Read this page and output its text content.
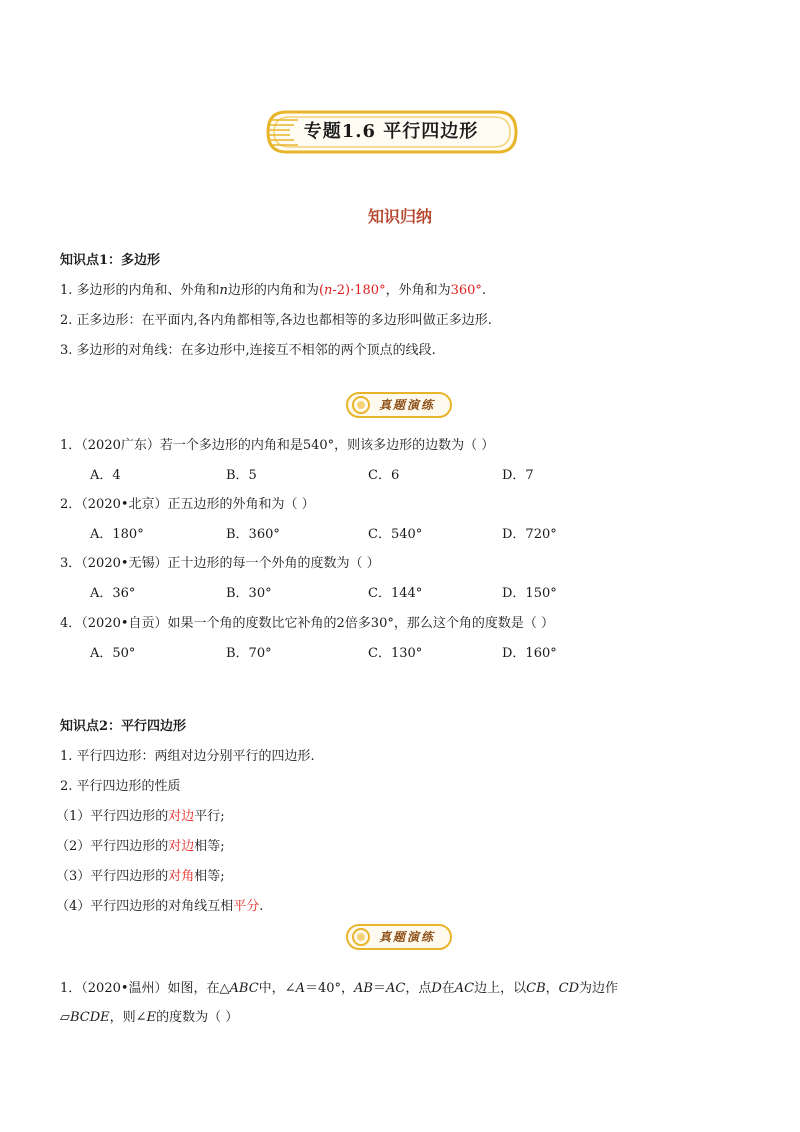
专题1.6 平行四边形
知识归纳
知识点1：多边形
1. 多边形的内角和、外角和n边形的内角和为(n-2)·180°，外角和为360°.
2. 正多边形：在平面内,各内角都相等,各边也都相等的多边形叫做正多边形.
3. 多边形的对角线：在多边形中,连接互不相邻的两个顶点的线段.
真题演练
1．（2020广东）若一个多边形的内角和是540°，则该多边形的边数为（ ）
A．4	B．5	C．6	D．7
2．（2020•北京）正五边形的外角和为（ ）
A．180°	B．360°	C．540°	D．720°
3．（2020•无锡）正十边形的每一个外角的度数为（ ）
A．36°	B．30°	C．144°	D．150°
4．（2020•自贡）如果一个角的度数比它补角的2倍多30°，那么这个角的度数是（ ）
A．50°	B．70°	C．130°	D．160°
知识点2：平行四边形
1. 平行四边形：两组对边分别平行的四边形.
2. 平行四边形的性质
（1）平行四边形的对边平行;
（2）平行四边形的对边相等;
（3）平行四边形的对角相等;
（4）平行四边形的对角线互相平分.
真题演练
1．（2020•温州）如图，在△ABC中，∠A＝40°，AB＝AC，点D在AC边上，以CB，CD为边作
▱BCDE，则∠E的度数为（ ）
